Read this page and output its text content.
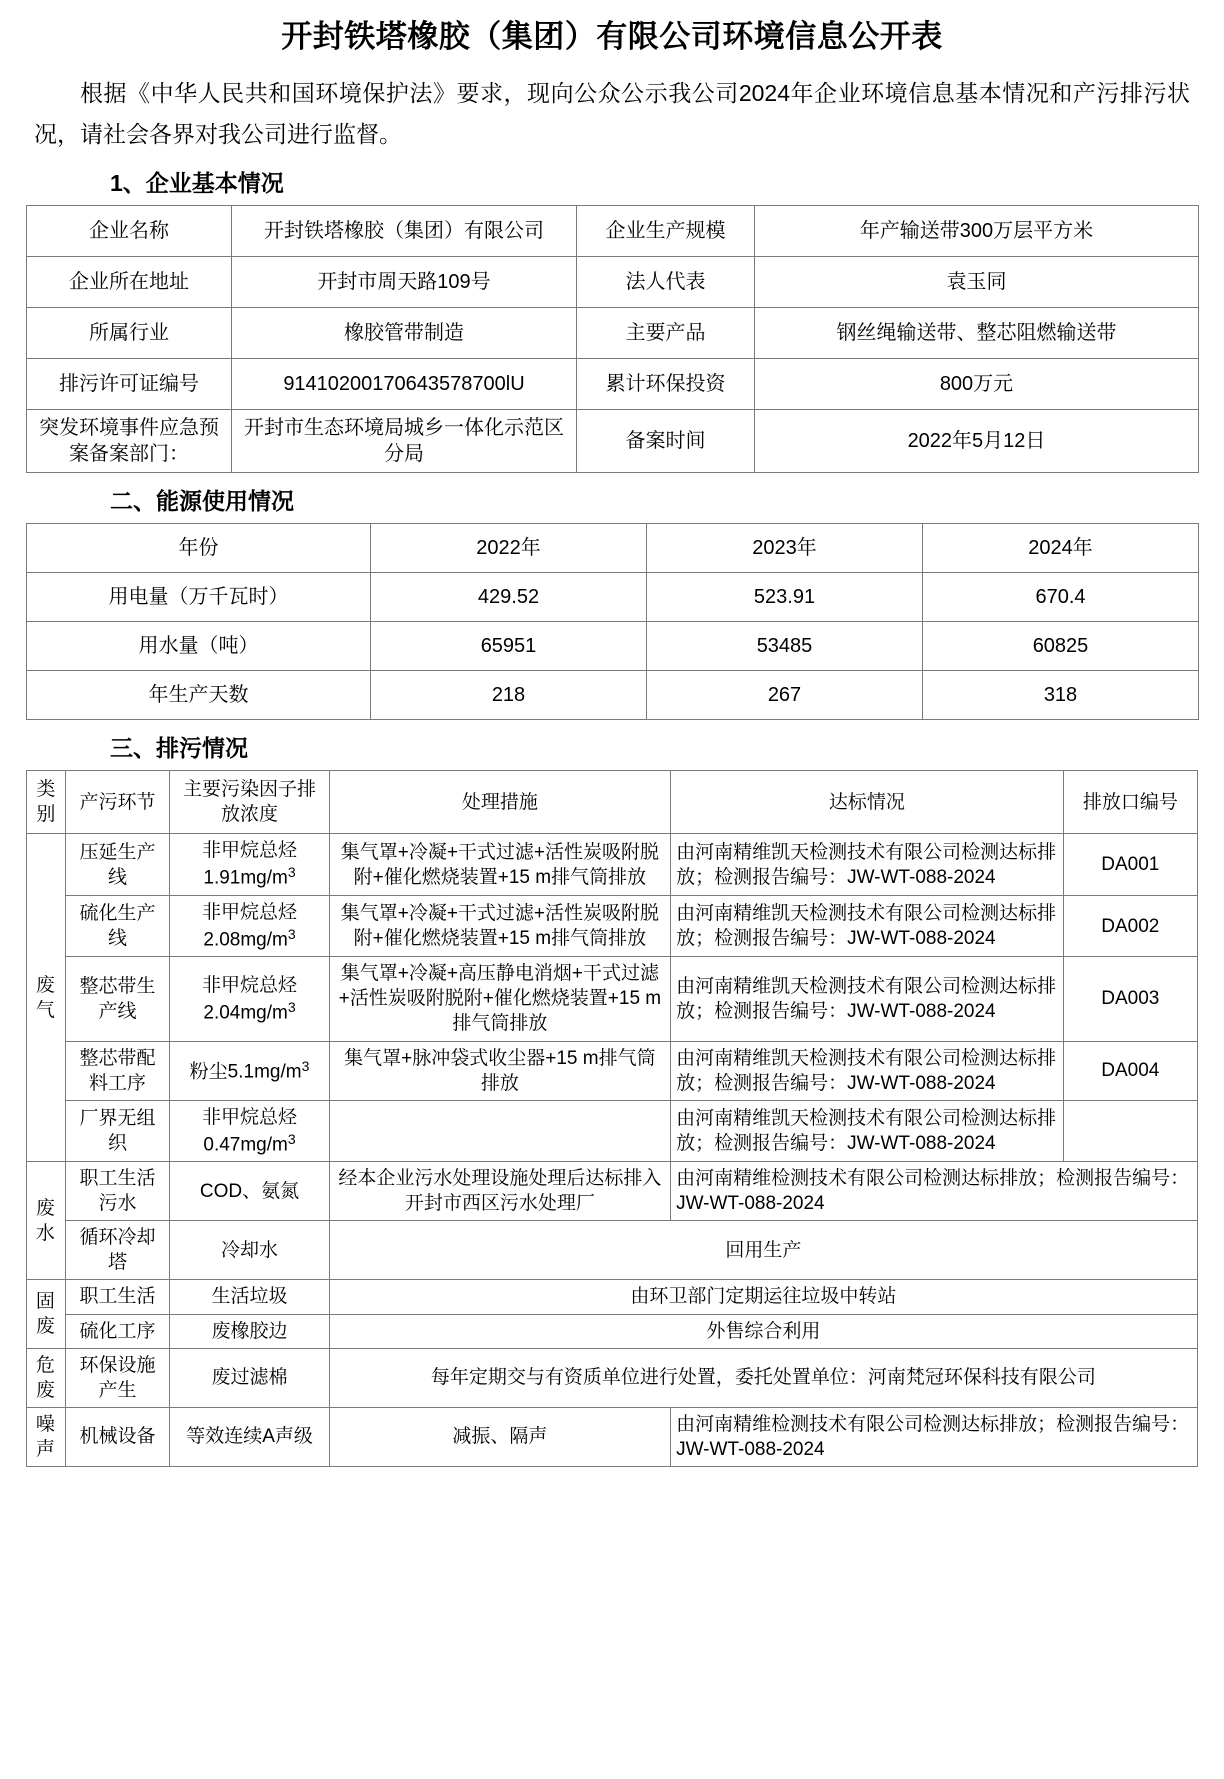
开封铁塔橡胶（集团）有限公司环境信息公开表

根据《中华人民共和国环境保护法》要求，现向公众公示我公司2024年企业环境信息基本情况和产污排污状况，请社会各界对我公司进行监督。

1、企业基本情况
企业名称	开封铁塔橡胶（集团）有限公司	企业生产规模	年产输送带300万层平方米
企业所在地址	开封市周天路109号	法人代表	袁玉同
所属行业	橡胶管带制造	主要产品	钢丝绳输送带、整芯阻燃输送带
排污许可证编号	91410200170643578700lU	累计环保投资	800万元
突发环境事件应急预案备案部门：	开封市生态环境局城乡一体化示范区分局	备案时间	2022年5月12日
二、能源使用情况
年份	2022年	2023年	2024年
用电量（万千瓦时）	429.52	523.91	670.4
用水量（吨）	65951	53485	60825
年生产天数	218	267	318
三、排污情况
类别	产污环节	主要污染因子排放浓度	处理措施	达标情况	排放口编号
废气	压延生产线	非甲烷总烃$1.91mg/m^3$	集气罩+冷凝+干式过滤+活性炭吸附脱附+催化燃烧装置+15 m排气筒排放	由河南精维凯天检测技术有限公司检测达标排放；检测报告编号：JW-WT-088-2024	DA001
	硫化生产线	非甲烷总烃$2.08mg/m^3$	集气罩+冷凝+干式过滤+活性炭吸附脱附+催化燃烧装置+15 m排气筒排放	由河南精维凯天检测技术有限公司检测达标排放；检测报告编号：JW-WT-088-2024	DA002
	整芯带生产线	非甲烷总烃$2.04mg/m^3$	集气罩+冷凝+高压静电消烟+干式过滤+活性炭吸附脱附+催化燃烧装置+15 m排气筒排放	由河南精维凯天检测技术有限公司检测达标排放；检测报告编号：JW-WT-088-2024	DA003
	整芯带配料工序	粉尘$5.1mg/m^3$	集气罩+脉冲袋式收尘器+15 m排气筒排放	由河南精维凯天检测技术有限公司检测达标排放；检测报告编号：JW-WT-088-2024	DA004
	厂界无组织	非甲烷总烃$0.47mg/m^3$		由河南精维凯天检测技术有限公司检测达标排放；检测报告编号：JW-WT-088-2024	
废水	职工生活污水	COD、氨氮	经本企业污水处理设施处理后达标排入开封市西区污水处理厂	由河南精维检测技术有限公司检测达标排放；检测报告编号：JW-WT-088-2024	
	循环冷却塔	冷却水	回用生产		
固废	职工生活	生活垃圾	由环卫部门定期运往垃圾中转站		
	硫化工序	废橡胶边	外售综合利用		
危废	环保设施产生	废过滤棉	每年定期交与有资质单位进行处置，委托处置单位：河南梵冠环保科技有限公司		
噪声	机械设备	等效连续A声级	减振、隔声	由河南精维检测技术有限公司检测达标排放；检测报告编号：JW-WT-088-2024	
